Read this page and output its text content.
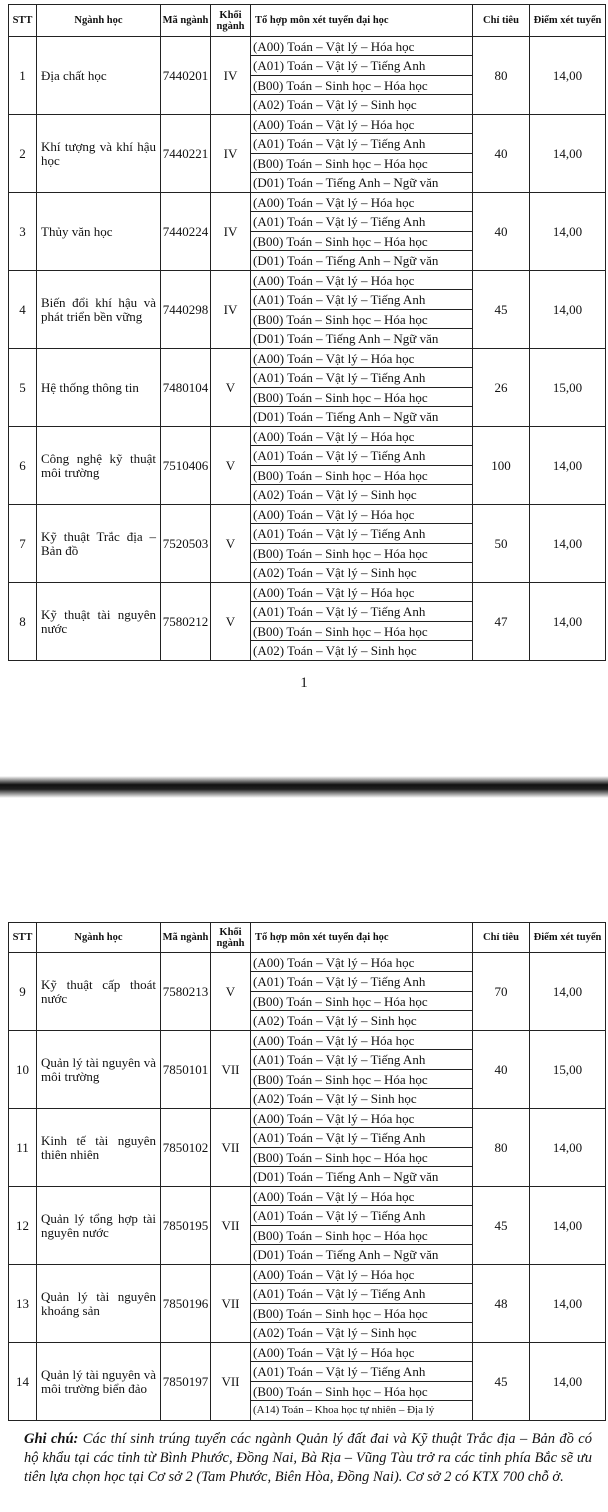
STT	Ngành học	Mã ngành	Khối ngành	Tổ hợp môn xét tuyển đại học	Chỉ tiêu	Điểm xét tuyển
1	Địa chất học	7440201	IV	(A00) Toán – Vật lý – Hóa học
(A01) Toán – Vật lý – Tiếng Anh
(B00) Toán – Sinh học – Hóa học
(A02) Toán – Vật lý – Sinh học	80	14,00
2	Khí tượng và khí hậu học	7440221	IV	(A00) Toán – Vật lý – Hóa học
(A01) Toán – Vật lý – Tiếng Anh
(B00) Toán – Sinh học – Hóa học
(D01) Toán – Tiếng Anh – Ngữ văn	40	14,00
3	Thủy văn học	7440224	IV	(A00) Toán – Vật lý – Hóa học
(A01) Toán – Vật lý – Tiếng Anh
(B00) Toán – Sinh học – Hóa học
(D01) Toán – Tiếng Anh – Ngữ văn	40	14,00
4	Biến đổi khí hậu và phát triển bền vững	7440298	IV	(A00) Toán – Vật lý – Hóa học
(A01) Toán – Vật lý – Tiếng Anh
(B00) Toán – Sinh học – Hóa học
(D01) Toán – Tiếng Anh – Ngữ văn	45	14,00
5	Hệ thống thông tin	7480104	V	(A00) Toán – Vật lý – Hóa học
(A01) Toán – Vật lý – Tiếng Anh
(B00) Toán – Sinh học – Hóa học
(D01) Toán – Tiếng Anh – Ngữ văn	26	15,00
6	Công nghệ kỹ thuật môi trường	7510406	V	(A00) Toán – Vật lý – Hóa học
(A01) Toán – Vật lý – Tiếng Anh
(B00) Toán – Sinh học – Hóa học
(A02) Toán – Vật lý – Sinh học	100	14,00
7	Kỹ thuật Trắc địa – Bản đồ	7520503	V	(A00) Toán – Vật lý – Hóa học
(A01) Toán – Vật lý – Tiếng Anh
(B00) Toán – Sinh học – Hóa học
(A02) Toán – Vật lý – Sinh học	50	14,00
8	Kỹ thuật tài nguyên nước	7580212	V	(A00) Toán – Vật lý – Hóa học
(A01) Toán – Vật lý – Tiếng Anh
(B00) Toán – Sinh học – Hóa học
(A02) Toán – Vật lý – Sinh học	47	14,00
1
STT	Ngành học	Mã ngành	Khối ngành	Tổ hợp môn xét tuyển đại học	Chỉ tiêu	Điểm xét tuyển
9	Kỹ thuật cấp thoát nước	7580213	V	(A00) Toán – Vật lý – Hóa học
(A01) Toán – Vật lý – Tiếng Anh
(B00) Toán – Sinh học – Hóa học
(A02) Toán – Vật lý – Sinh học	70	14,00
10	Quản lý tài nguyên và môi trường	7850101	VII	(A00) Toán – Vật lý – Hóa học
(A01) Toán – Vật lý – Tiếng Anh
(B00) Toán – Sinh học – Hóa học
(A02) Toán – Vật lý – Sinh học	40	15,00
11	Kinh tế tài nguyên thiên nhiên	7850102	VII	(A00) Toán – Vật lý – Hóa học
(A01) Toán – Vật lý – Tiếng Anh
(B00) Toán – Sinh học – Hóa học
(D01) Toán – Tiếng Anh – Ngữ văn	80	14,00
12	Quản lý tổng hợp tài nguyên nước	7850195	VII	(A00) Toán – Vật lý – Hóa học
(A01) Toán – Vật lý – Tiếng Anh
(B00) Toán – Sinh học – Hóa học
(D01) Toán – Tiếng Anh – Ngữ văn	45	14,00
13	Quản lý tài nguyên khoáng sản	7850196	VII	(A00) Toán – Vật lý – Hóa học
(A01) Toán – Vật lý – Tiếng Anh
(B00) Toán – Sinh học – Hóa học
(A02) Toán – Vật lý – Sinh học	48	14,00
14	Quản lý tài nguyên và môi trường biển đảo	7850197	VII	(A00) Toán – Vật lý – Hóa học
(A01) Toán – Vật lý – Tiếng Anh
(B00) Toán – Sinh học – Hóa học
(A14) Toán – Khoa học tự nhiên – Địa lý	45	14,00
Ghi chú: Các thí sinh trúng tuyển các ngành Quản lý đất đai và Kỹ thuật Trắc địa – Bản đồ có hộ khẩu tại các tỉnh từ Bình Phước, Đồng Nai, Bà Rịa – Vũng Tàu trở ra các tỉnh phía Bắc sẽ ưu tiên lựa chọn học tại Cơ sở 2 (Tam Phước, Biên Hòa, Đồng Nai). Cơ sở 2 có KTX 700 chỗ ở.
